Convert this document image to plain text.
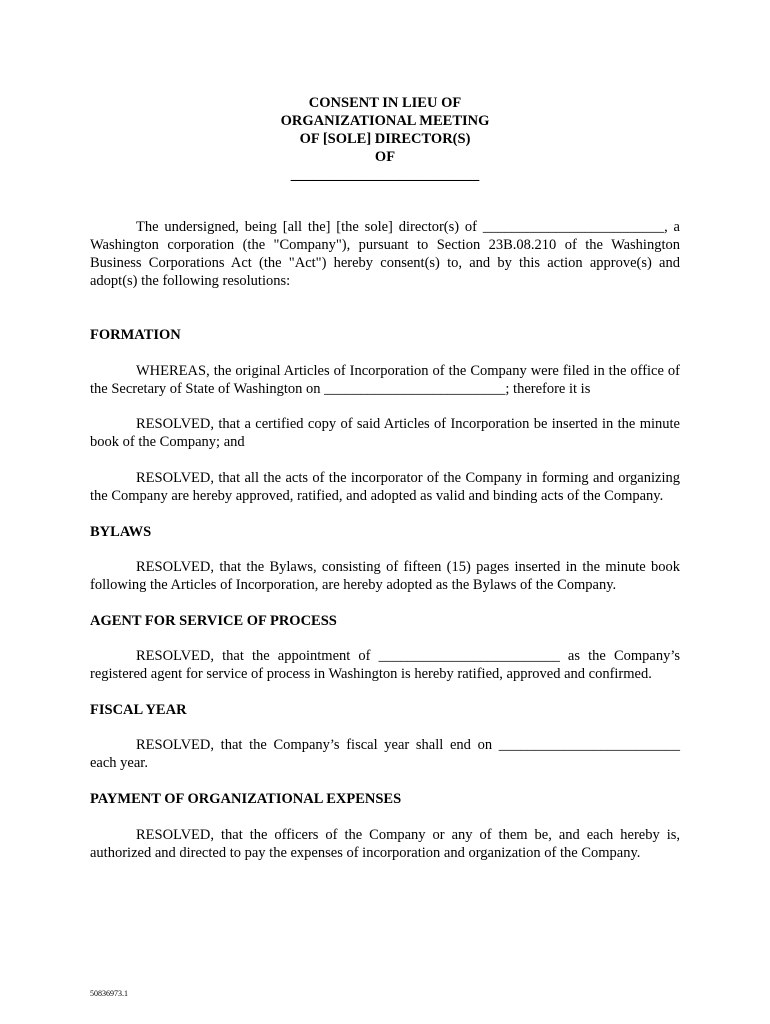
CONSENT IN LIEU OF
ORGANIZATIONAL MEETING
OF [SOLE] DIRECTOR(S)
OF
__________________________
The undersigned, being [all the] [the sole] director(s) of _________________________, a Washington corporation (the "Company"), pursuant to Section 23B.08.210 of the Washington Business Corporations Act (the "Act") hereby consent(s) to, and by this action approve(s) and adopt(s) the following resolutions:
FORMATION
WHEREAS, the original Articles of Incorporation of the Company were filed in the office of the Secretary of State of Washington on _________________________; therefore it is
RESOLVED, that a certified copy of said Articles of Incorporation be inserted in the minute book of the Company; and
RESOLVED, that all the acts of the incorporator of the Company in forming and organizing the Company are hereby approved, ratified, and adopted as valid and binding acts of the Company.
BYLAWS
RESOLVED, that the Bylaws, consisting of fifteen (15) pages inserted in the minute book following the Articles of Incorporation, are hereby adopted as the Bylaws of the Company.
AGENT FOR SERVICE OF PROCESS
RESOLVED, that the appointment of _________________________ as the Company’s registered agent for service of process in Washington is hereby ratified, approved and confirmed.
FISCAL YEAR
RESOLVED, that the Company’s fiscal year shall end on _________________________ each year.
PAYMENT OF ORGANIZATIONAL EXPENSES
RESOLVED, that the officers of the Company or any of them be, and each hereby is, authorized and directed to pay the expenses of incorporation and organization of the Company.
50836973.1
